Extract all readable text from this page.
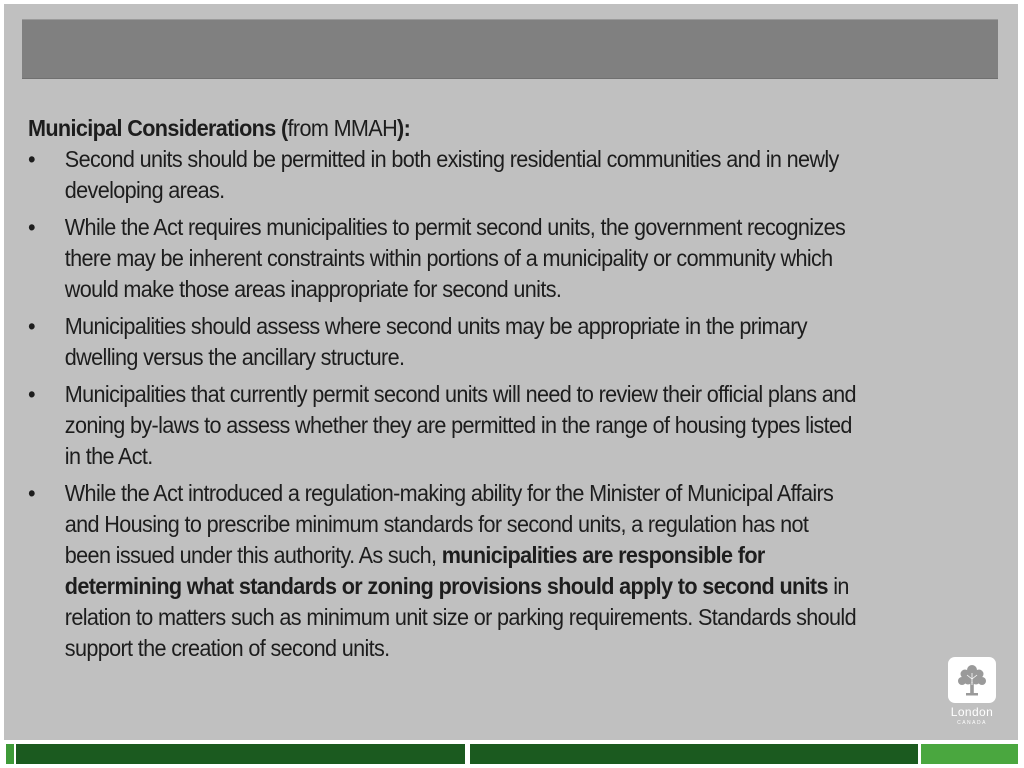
Municipal Considerations (from MMAH):
•	Second units should be permitted in both existing residential communities and in newly developing areas.
•	While the Act requires municipalities to permit second units, the government recognizes there may be inherent constraints within portions of a municipality or community which would make those areas inappropriate for second units.
•	Municipalities should assess where second units may be appropriate in the primary dwelling versus the ancillary structure.
•	Municipalities that currently permit second units will need to review their official plans and zoning by-laws to assess whether they are permitted in the range of housing types listed in the Act.
•	While the Act introduced a regulation-making ability for the Minister of Municipal Affairs and Housing to prescribe minimum standards for second units, a regulation has not been issued under this authority. As such, municipalities are responsible for determining what standards or zoning provisions should apply to second units in relation to matters such as minimum unit size or parking requirements. Standards should support the creation of second units.
London
CANADA
